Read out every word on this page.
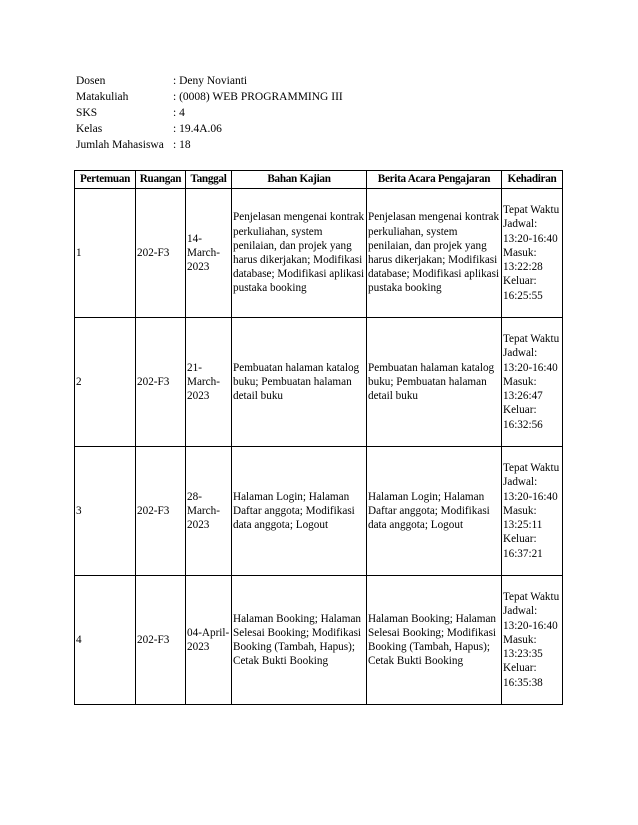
Dosen	: Deny Novianti
Matakuliah	: (0008) WEB PROGRAMMING III
SKS	: 4
Kelas	: 19.4A.06
Jumlah Mahasiswa : 18
Pertemuan	Ruangan	Tanggal	Bahan Kajian	Berita Acara Pengajaran	Kehadiran
1	202-F3	14-March-2023	Penjelasan mengenai kontrak perkuliahan, system penilaian, dan projek yang harus dikerjakan; Modifikasi database; Modifikasi aplikasi pustaka booking	Penjelasan mengenai kontrak perkuliahan, system penilaian, dan projek yang harus dikerjakan; Modifikasi database; Modifikasi aplikasi pustaka booking	Tepat Waktu Jadwal: 13:20-16:40 Masuk: 13:22:28 Keluar: 16:25:55
2	202-F3	21-March-2023	Pembuatan halaman katalog buku; Pembuatan halaman detail buku	Pembuatan halaman katalog buku; Pembuatan halaman detail buku	Tepat Waktu Jadwal: 13:20-16:40 Masuk: 13:26:47 Keluar: 16:32:56
3	202-F3	28-March-2023	Halaman Login; Halaman Daftar anggota; Modifikasi data anggota; Logout	Halaman Login; Halaman Daftar anggota; Modifikasi data anggota; Logout	Tepat Waktu Jadwal: 13:20-16:40 Masuk: 13:25:11 Keluar: 16:37:21
4	202-F3	04-April-2023	Halaman Booking; Halaman Selesai Booking; Modifikasi Booking (Tambah, Hapus); Cetak Bukti Booking	Halaman Booking; Halaman Selesai Booking; Modifikasi Booking (Tambah, Hapus); Cetak Bukti Booking	Tepat Waktu Jadwal: 13:20-16:40 Masuk: 13:23:35 Keluar: 16:35:38
